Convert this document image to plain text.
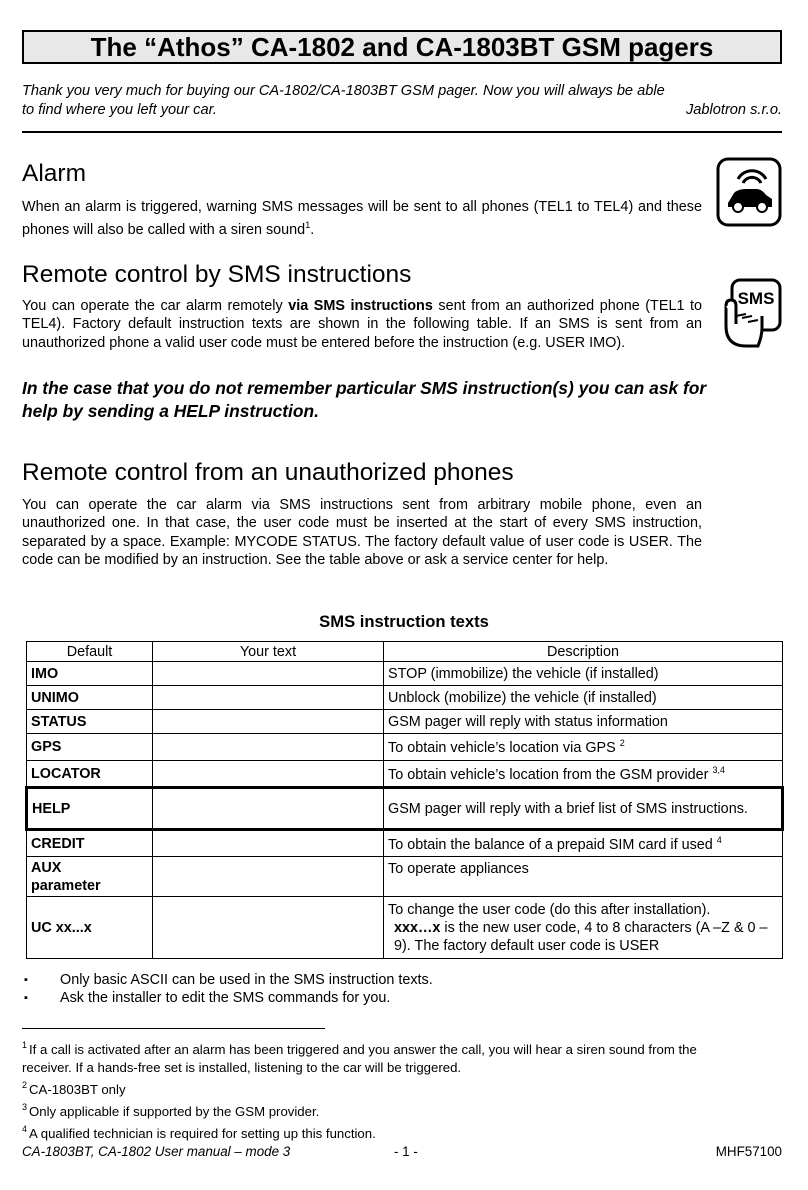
The “Athos” CA-1802 and CA-1803BT GSM pagers
Thank you very much for buying our CA-1802/CA-1803BT GSM pager. Now you will always be able
to find where you left your car.	Jablotron s.r.o.
Alarm
When an alarm is triggered, warning SMS messages will be sent to all phones (TEL1 to TEL4) and these phones will also be called with a siren sound$^1$.
Remote control by SMS instructions
You can operate the car alarm remotely via SMS instructions sent from an authorized phone (TEL1 to TEL4). Factory default instruction texts are shown in the following table. If an SMS is sent from an unauthorized phone a valid user code must be entered before the instruction (e.g. USER IMO).
In the case that you do not remember particular SMS instruction(s) you can ask for help by sending a HELP instruction.
SMS
Remote control from an unauthorized phones
You can operate the car alarm via SMS instructions sent from arbitrary mobile phone, even an unauthorized one. In that case, the user code must be inserted at the start of every SMS instruction, separated by a space. Example: MYCODE STATUS. The factory default value of user code is USER. The code can be modified by an instruction. See the table above or ask a service center for help.
SMS instruction texts
Default	Your text	Description
IMO		STOP (immobilize) the vehicle (if installed)
UNIMO		Unblock (mobilize) the vehicle (if installed)
STATUS		GSM pager will reply with status information
GPS		To obtain vehicle’s location via GPS $^2$
LOCATOR		To obtain vehicle’s location from the GSM provider $^{3,4}$
HELP		GSM pager will reply with a brief list of SMS instructions.
CREDIT		To obtain the balance of a prepaid SIM card if used $^4$

AUX
parameter		To operate appliances
UC xx...x		To change the user code (do this after installation).
xxx…x is the new user code, 4 to 8 characters (A –Z & 0 – 9). The factory default user code is USER
▪ Only basic ASCII can be used in the SMS instruction texts.
▪ Ask the installer to edit the SMS commands for you.
$^1$ If a call is activated after an alarm has been triggered and you answer the call, you will hear a siren sound from the receiver. If a hands-free set is installed, listening to the car will be triggered.
$^2$ CA-1803BT only
$^3$ Only applicable if supported by the GSM provider.
$^4$ A qualified technician is required for setting up this function.
CA-1803BT, CA-1802 User manual – mode 3	- 1 -	MHF57100
